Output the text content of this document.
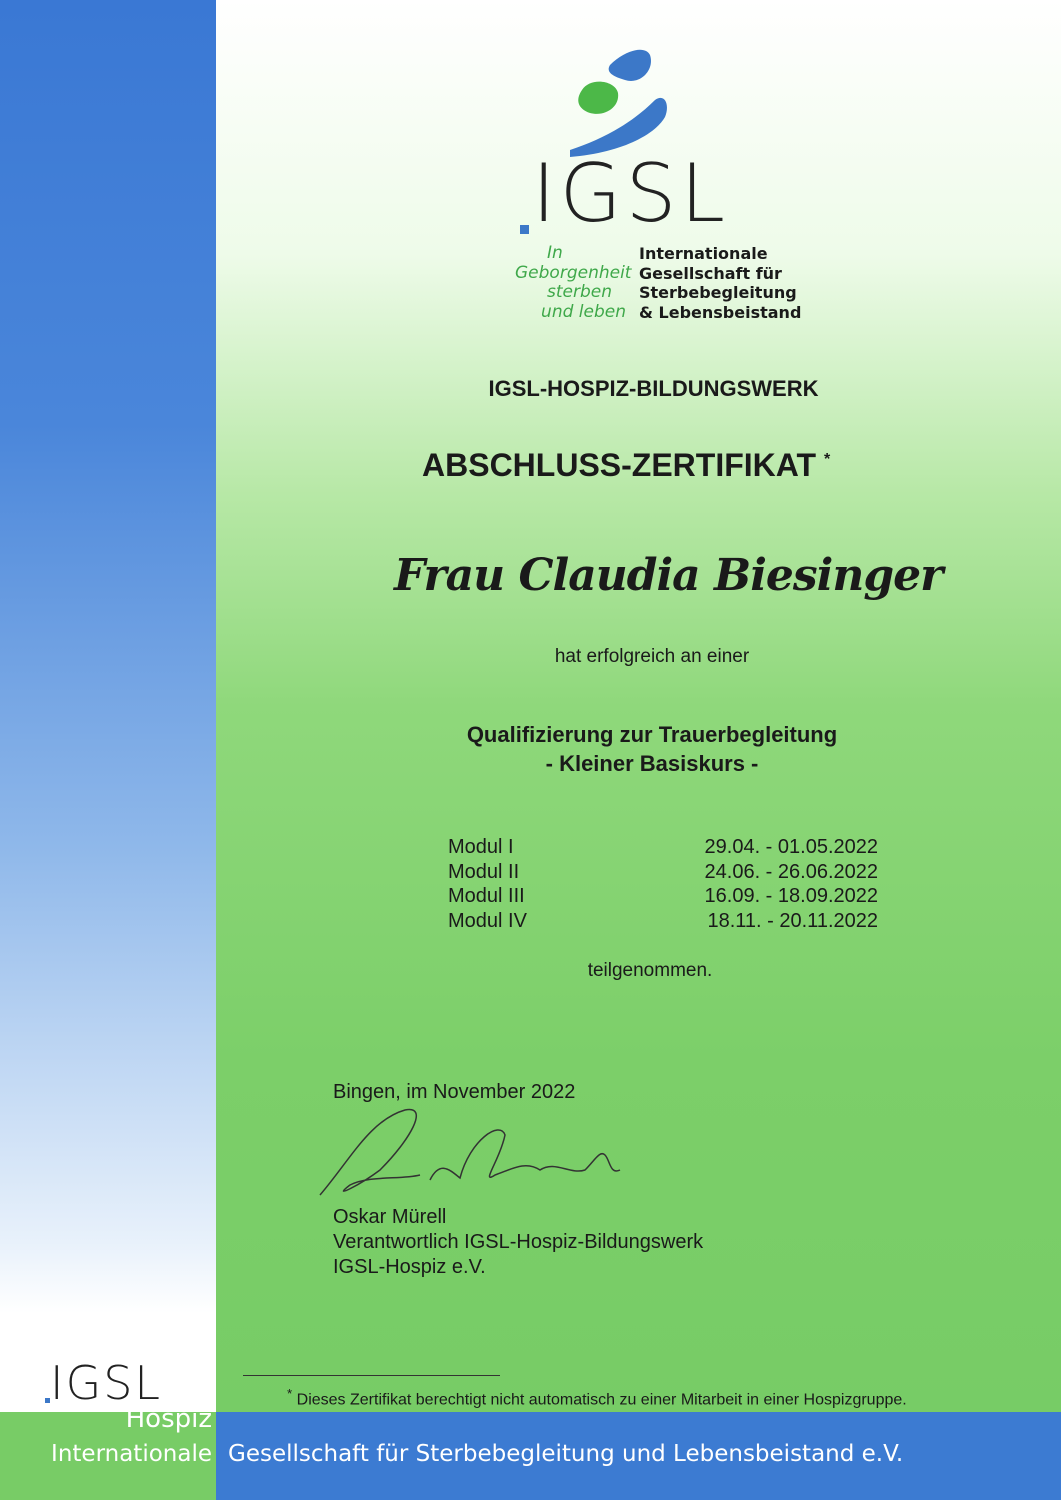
IGSL
In
Geborgenheit
sterben
und leben
Internationale
Gesellschaft für
Sterbebegleitung
& Lebensbeistand
IGSL-HOSPIZ-BILDUNGSWERK
ABSCHLUSS-ZERTIFIKAT *
Frau Claudia Biesinger
hat erfolgreich an einer
Qualifizierung zur Trauerbegleitung
- Kleiner Basiskurs -
Modul I	29.04. - 01.05.2022
Modul II	24.06. - 26.06.2022
Modul III	16.09. - 18.09.2022
Modul IV	18.11. - 20.11.2022
teilgenommen.
Bingen, im November 2022
Oskar Mürell
Verantwortlich IGSL-Hospiz-Bildungswerk
IGSL-Hospiz e.V.
* Dieses Zertifikat berechtigt nicht automatisch zu einer Mitarbeit in einer Hospizgruppe.
IGSL
Hospiz
Internationale Gesellschaft für Sterbebegleitung und Lebensbeistand e.V.
